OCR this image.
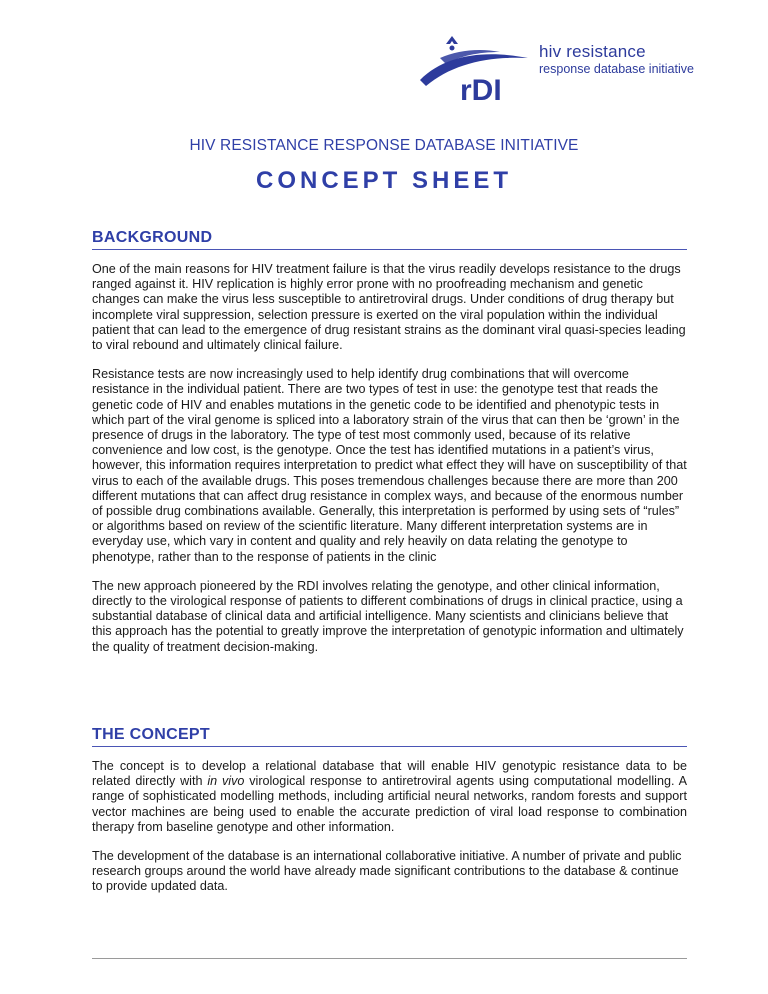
rDI
hiv resistance
response database initiative
HIV RESISTANCE RESPONSE DATABASE INITIATIVE
CONCEPT SHEET
BACKGROUND

One of the main reasons for HIV treatment failure is that the virus readily develops resistance to the drugs ranged against it. HIV replication is highly error prone with no proofreading mechanism and genetic changes can make the virus less susceptible to antiretroviral drugs. Under conditions of drug therapy but incomplete viral suppression, selection pressure is exerted on the viral population within the individual patient that can lead to the emergence of drug resistant strains as the dominant viral quasi-species leading to viral rebound and ultimately clinical failure.

Resistance tests are now increasingly used to help identify drug combinations that will overcome resistance in the individual patient. There are two types of test in use: the genotype test that reads the genetic code of HIV and enables mutations in the genetic code to be identified and phenotypic tests in which part of the viral genome is spliced into a laboratory strain of the virus that can then be ‘grown’ in the presence of drugs in the laboratory. The type of test most commonly used, because of its relative convenience and low cost, is the genotype. Once the test has identified mutations in a patient’s virus, however, this information requires interpretation to predict what effect they will have on susceptibility of that virus to each of the available drugs. This poses tremendous challenges because there are more than 200 different mutations that can affect drug resistance in complex ways, and because of the enormous number of possible drug combinations available. Generally, this interpretation is performed by using sets of “rules” or algorithms based on review of the scientific literature. Many different interpretation systems are in everyday use, which vary in content and quality and rely heavily on data relating the genotype to phenotype, rather than to the response of patients in the clinic

The new approach pioneered by the RDI involves relating the genotype, and other clinical information, directly to the virological response of patients to different combinations of drugs in clinical practice, using a substantial database of clinical data and artificial intelligence. Many scientists and clinicians believe that this approach has the potential to greatly improve the interpretation of genotypic information and ultimately the quality of treatment decision-making.

THE CONCEPT

The concept is to develop a relational database that will enable HIV genotypic resistance data to be related directly with in vivo virological response to antiretroviral agents using computational modelling. A range of sophisticated modelling methods, including artificial neural networks, random forests and support vector machines are being used to enable the accurate prediction of viral load response to combination therapy from baseline genotype and other information.

The development of the database is an international collaborative initiative. A number of private and public research groups around the world have already made significant contributions to the database & continue to provide updated data.
